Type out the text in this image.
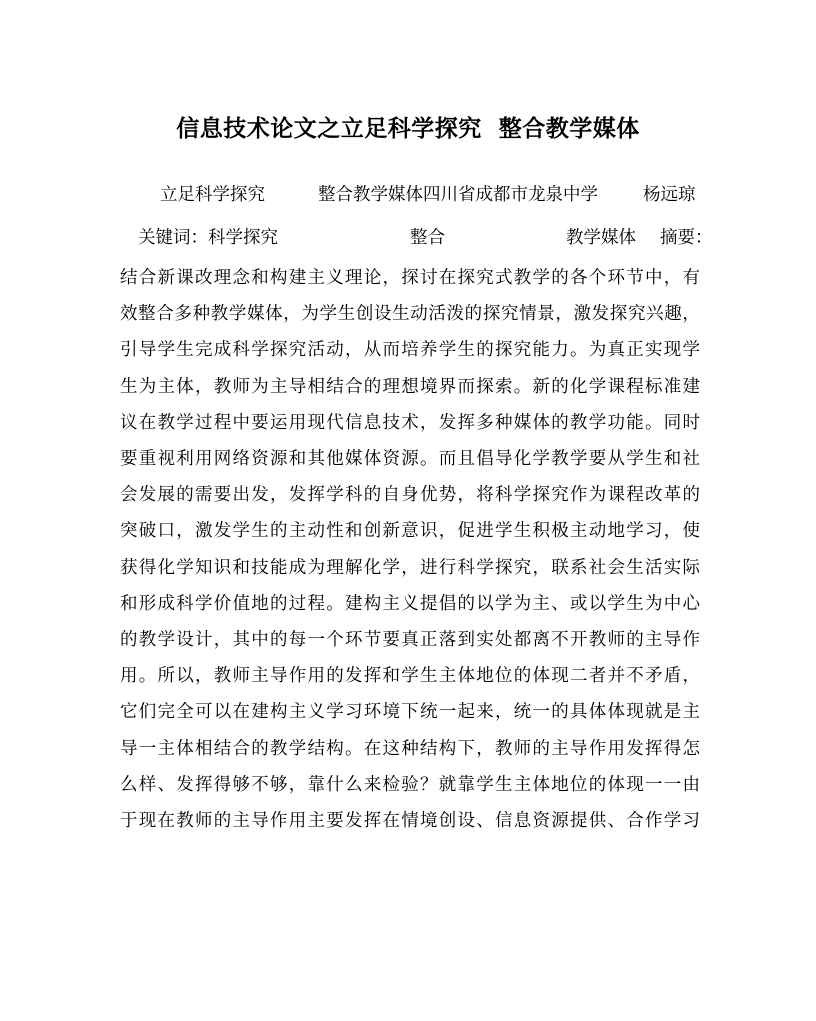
信息技术论文之立足科学探究  整合教学媒体
立足科学探究	整合教学媒体四川省成都市龙泉中学	杨远琼
关键词：科学探究	整合	教学媒体 摘要：
结 合 新 课 改 理 念 和 构 建 主 义 理 论 ， 探 讨 在 探 究 式 教 学 的 各 个 环 节 中 ， 有
效 整 合 多 种 教 学 媒 体 ， 为 学 生 创 设 生 动 活 泼 的 探 究 情 景 ， 激 发 探 究 兴 趣 ，
引 导 学 生 完 成 科 学 探 究 活 动 ， 从 而 培 养 学 生 的 探 究 能 力 。 为 真 正 实 现 学
生 为 主 体 ， 教 师 为 主 导 相 结 合 的 理 想 境 界 而 探 索 。 新 的 化 学 课 程 标 准 建
议 在 教 学 过 程 中 要 运 用 现 代 信 息 技 术 ， 发 挥 多 种 媒 体 的 教 学 功 能 。 同 时
要 重 视 利 用 网 络 资 源 和 其 他 媒 体 资 源 。 而 且 倡 导 化 学 教 学 要 从 学 生 和 社
会 发 展 的 需 要 出 发 ， 发 挥 学 科 的 自 身 优 势 ， 将 科 学 探 究 作 为 课 程 改 革 的
突 破 口 ， 激 发 学 生 的 主 动 性 和 创 新 意 识 ， 促 进 学 生 积 极 主 动 地 学 习 ， 使
获 得 化 学 知 识 和 技 能 成 为 理 解 化 学 ， 进 行 科 学 探 究 ， 联 系 社 会 生 活 实 际
和 形 成 科 学 价 值 地 的 过 程 。 建 构 主 义 提 倡 的 以 学 为 主 、 或 以 学 生 为 中 心
的 教 学 设 计 ， 其 中 的 每 一 个 环 节 要 真 正 落 到 实 处 都 离 不 开 教 师 的 主 导 作
用 。 所 以 ， 教 师 主 导 作 用 的 发 挥 和 学 生 主 体 地 位 的 体 现 二 者 并 不 矛 盾 ，
它 们 完 全 可 以 在 建 构 主 义 学 习 环 境 下 统 一 起 来 ， 统 一 的 具 体 体 现 就 是 主
导 一 主 体 相 结 合 的 教 学 结 构 。 在 这 种 结 构 下 ， 教 师 的 主 导 作 用 发 挥 得 怎
么 样 、 发 挥 得 够 不 够 ， 靠 什 么 来 检 验 ？ 就 靠 学 生 主 体 地 位 的 体 现 一 一 由
于 现 在 教 师 的 主 导 作 用 主 要 发 挥 在 情 境 创 设 、 信 息 资 源 提 供 、 合 作 学 习
